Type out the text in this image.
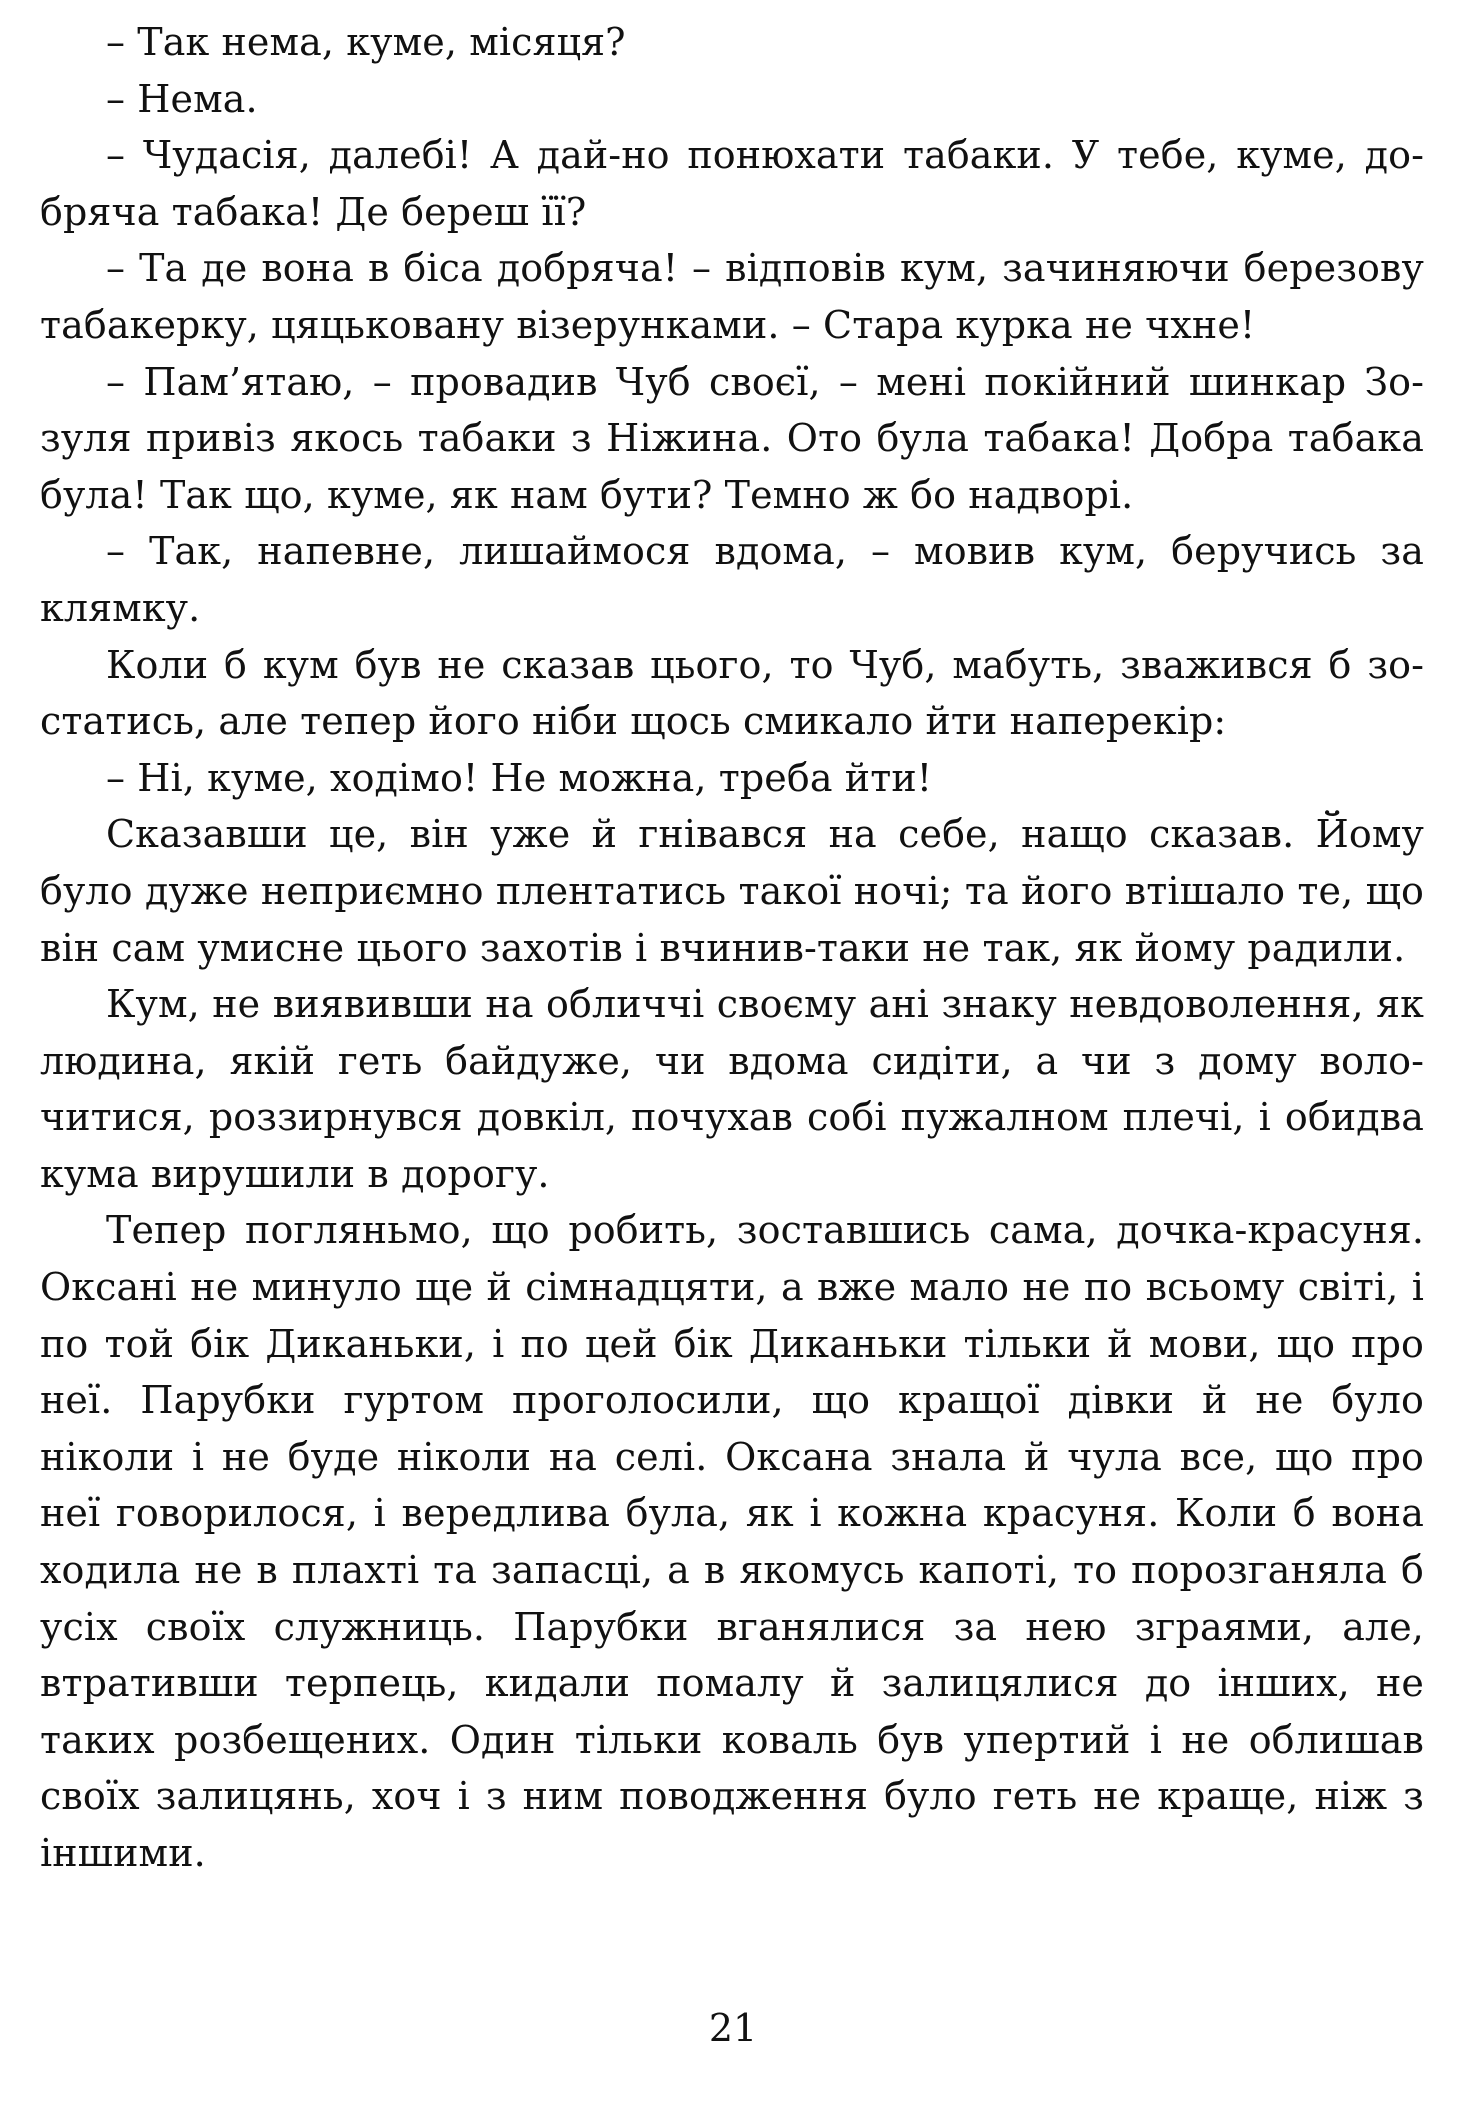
– Так нема, куме, місяця?

– Нема.

– Чудасія, далебі! А дай-но понюхати табаки. У тебе, куме, добряча табака! Де береш її?

– Та де вона в біса добряча! – відповів кум, зачиняючи березову табакерку, цяцьковану візерунками. – Стара курка не чхне!

– Пам’ятаю, – провадив Чуб своєї, – мені покійний шинкар Зозуля привіз якось табаки з Ніжина. Ото була табака! Добра табака була! Так що, куме, як нам бути? Темно ж бо надворі.

– Так, напевне, лишаймося вдома, – мовив кум, беручись за клямку.

Коли б кум був не сказав цього, то Чуб, мабуть, зважився б зостатись, але тепер його ніби щось смикало йти наперекір:

– Ні, куме, ходімо! Не можна, треба йти!

Сказавши це, він уже й гнівався на себе, нащо сказав. Йому було дуже неприємно плентатись такої ночі; та його втішало те, що він сам умисне цього захотів і вчинив-таки не так, як йому радили.

Кум, не виявивши на обличчі своєму ані знаку невдоволення, як людина, якій геть байдуже, чи вдома сидіти, а чи з дому волочитися, роззирнувся довкіл, почухав собі пужалном плечі, і обидва кума вирушили в дорогу.

Тепер погляньмо, що робить, зоставшись сама, дочка-красуня. Оксані не минуло ще й сімнадцяти, а вже мало не по всьому світі, і по той бік Диканьки, і по цей бік Диканьки тільки й мови, що про неї. Парубки гуртом проголосили, що кращої дівки й не було ніколи і не буде ніколи на селі. Оксана знала й чула все, що про неї говорилося, і вередлива була, як і кожна красуня. Коли б вона ходила не в плахті та запасці, а в якомусь капоті, то порозганяла б усіх своїх служниць. Парубки вганялися за нею зграями, але, втративши терпець, кидали помалу й залицялися до інших, не таких розбещених. Один тільки коваль був упертий і не облишав своїх залицянь, хоч і з ним поводження було геть не краще, ніж з іншими.

21
